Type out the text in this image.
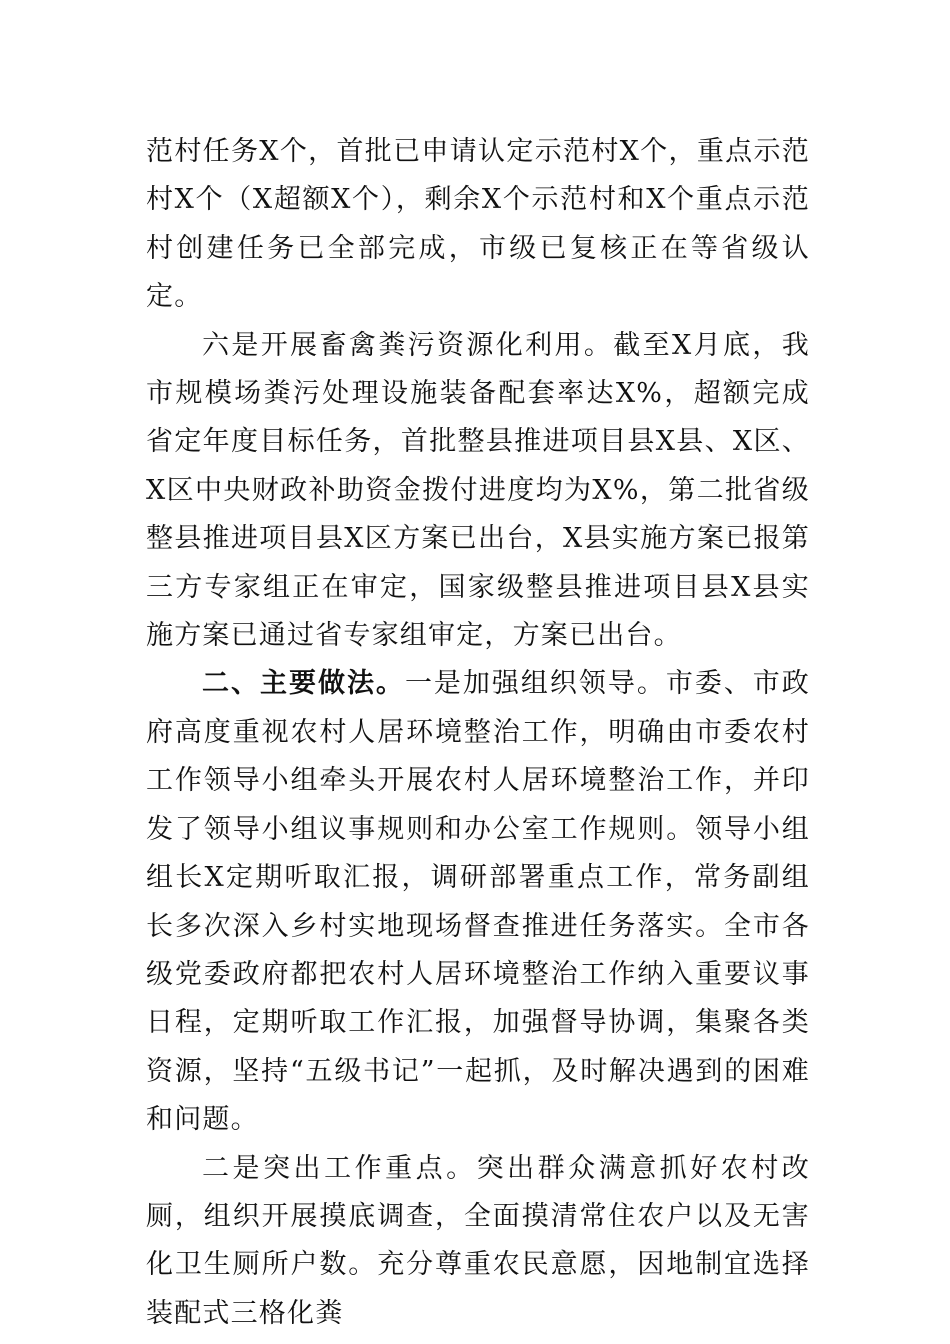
范村任务X个，首批已申请认定示范村X个，重点示范村X个（X超额X个），剩余X个示范村和X个重点示范村创建任务已全部完成，市级已复核正在等省级认定。

六是开展畜禽粪污资源化利用。截至X月底，我市规模场粪污处理设施装备配套率达X%，超额完成省定年度目标任务，首批整县推进项目县X县、X区、X区中央财政补助资金拨付进度均为X%，第二批省级整县推进项目县X区方案已出台，X县实施方案已报第三方专家组正在审定，国家级整县推进项目县X县实施方案已通过省专家组审定，方案已出台。

二、主要做法。一是加强组织领导。市委、市政府高度重视农村人居环境整治工作，明确由市委农村工作领导小组牵头开展农村人居环境整治工作，并印发了领导小组议事规则和办公室工作规则。领导小组组长X定期听取汇报，调研部署重点工作，常务副组长多次深入乡村实地现场督查推进任务落实。全市各级党委政府都把农村人居环境整治工作纳入重要议事日程，定期听取工作汇报，加强督导协调，集聚各类资源，坚持“五级书记”一起抓，及时解决遇到的困难和问题。

二是突出工作重点。突出群众满意抓好农村改厕，组织开展摸底调查，全面摸清常住农户以及无害化卫生厕所户数。充分尊重农民意愿，因地制宜选择装配式三格化粪
